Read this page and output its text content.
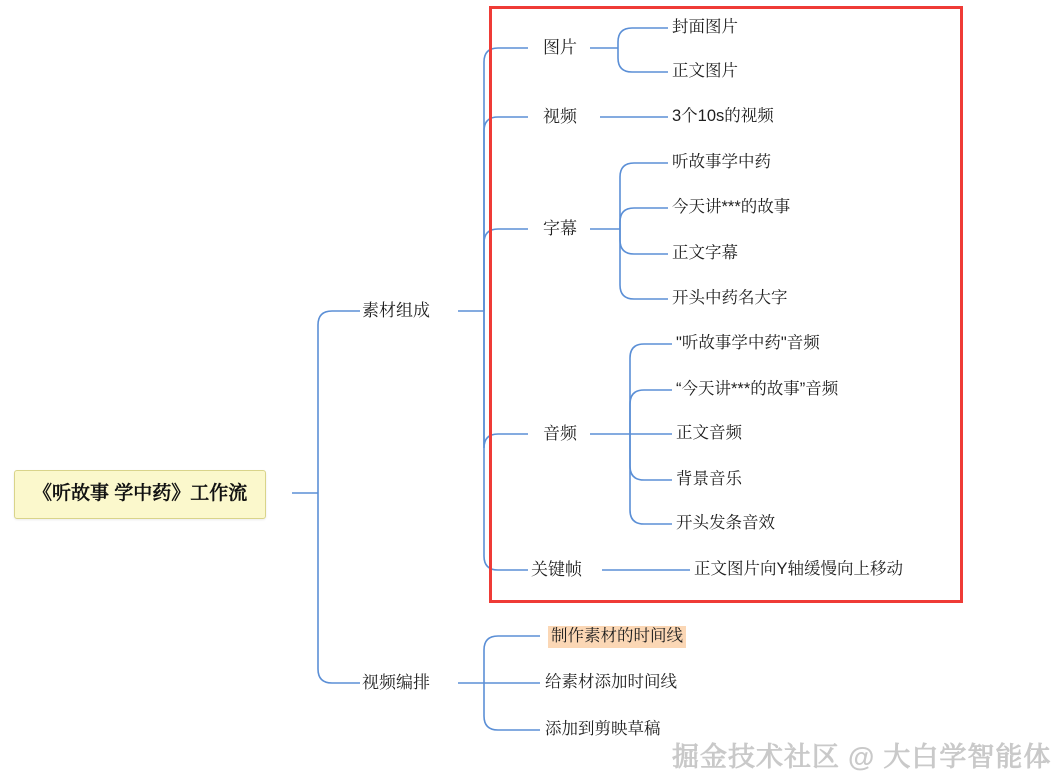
《听故事 学中药》工作流
素材组成
视频编排
图片
视频
字幕
音频
关键帧
封面图片
正文图片
3个10s的视频
听故事学中药
今天讲***的故事
正文字幕
开头中药名大字
"听故事学中药"音频
“今天讲***的故事”音频
正文音频
背景音乐
开头发条音效
正文图片向Y轴缓慢向上移动
制作素材的时间线
给素材添加时间线
添加到剪映草稿
掘金技术社区 @ 大白学智能体
